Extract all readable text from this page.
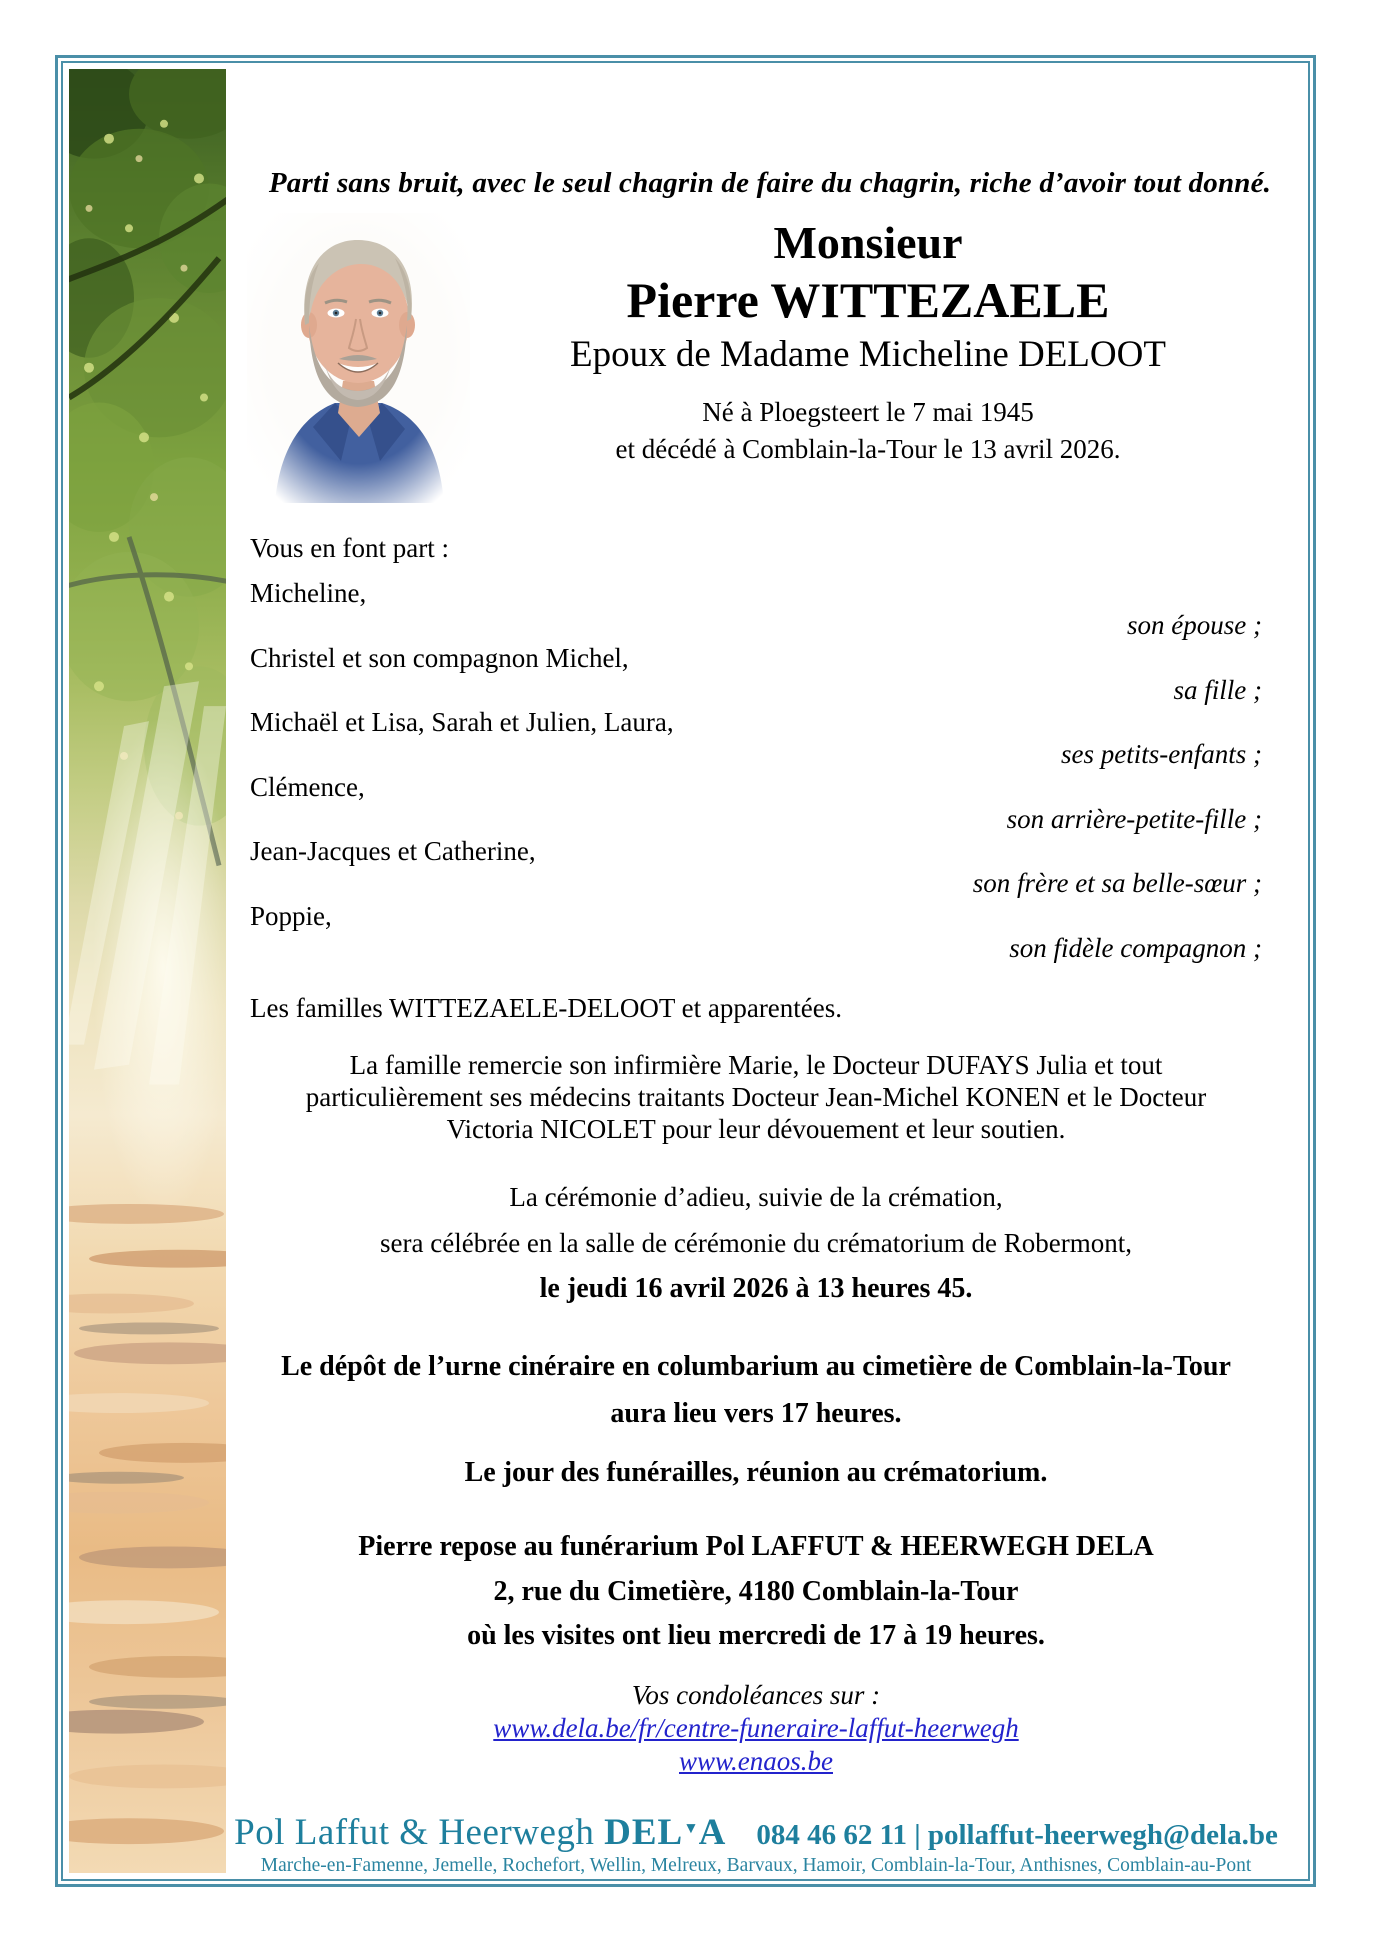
Parti sans bruit, avec le seul chagrin de faire du chagrin, riche d’avoir tout donné.
Monsieur
Pierre WITTEZAELE
Epoux de Madame Micheline DELOOT
Né à Ploegsteert le 7 mai 1945
et décédé à Comblain-la-Tour le 13 avril 2026.
Vous en font part :
Micheline,
son épouse ;
Christel et son compagnon Michel,
sa fille ;
Michaël et Lisa, Sarah et Julien, Laura,
ses petits-enfants ;
Clémence,
son arrière-petite-fille ;
Jean-Jacques et Catherine,
son frère et sa belle-sœur ;
Poppie,
son fidèle compagnon ;
Les familles WITTEZAELE-DELOOT et apparentées.
La famille remercie son infirmière Marie, le Docteur DUFAYS Julia et tout
particulièrement ses médecins traitants Docteur Jean-Michel KONEN et le Docteur
Victoria NICOLET pour leur dévouement et leur soutien.
La cérémonie d’adieu, suivie de la crémation,
sera célébrée en la salle de cérémonie du crématorium de Robermont,
le jeudi 16 avril 2026 à 13 heures 45.
Le dépôt de l’urne cinéraire en columbarium au cimetière de Comblain-la-Tour
aura lieu vers 17 heures.
Le jour des funérailles, réunion au crématorium.
Pierre repose au funérarium Pol LAFFUT & HEERWEGH DELA
2, rue du Cimetière, 4180 Comblain-la-Tour
où les visites ont lieu mercredi de 17 à 19 heures.
Vos condoléances sur :
www.dela.be/fr/centre-funeraire-laffut-heerwegh
www.enaos.be
Pol Laffut & Heerwegh DEL▼A 084 46 62 11 | pollaffut-heerwegh@dela.be
Marche-en-Famenne, Jemelle, Rochefort, Wellin, Melreux, Barvaux, Hamoir, Comblain-la-Tour, Anthisnes, Comblain-au-Pont
